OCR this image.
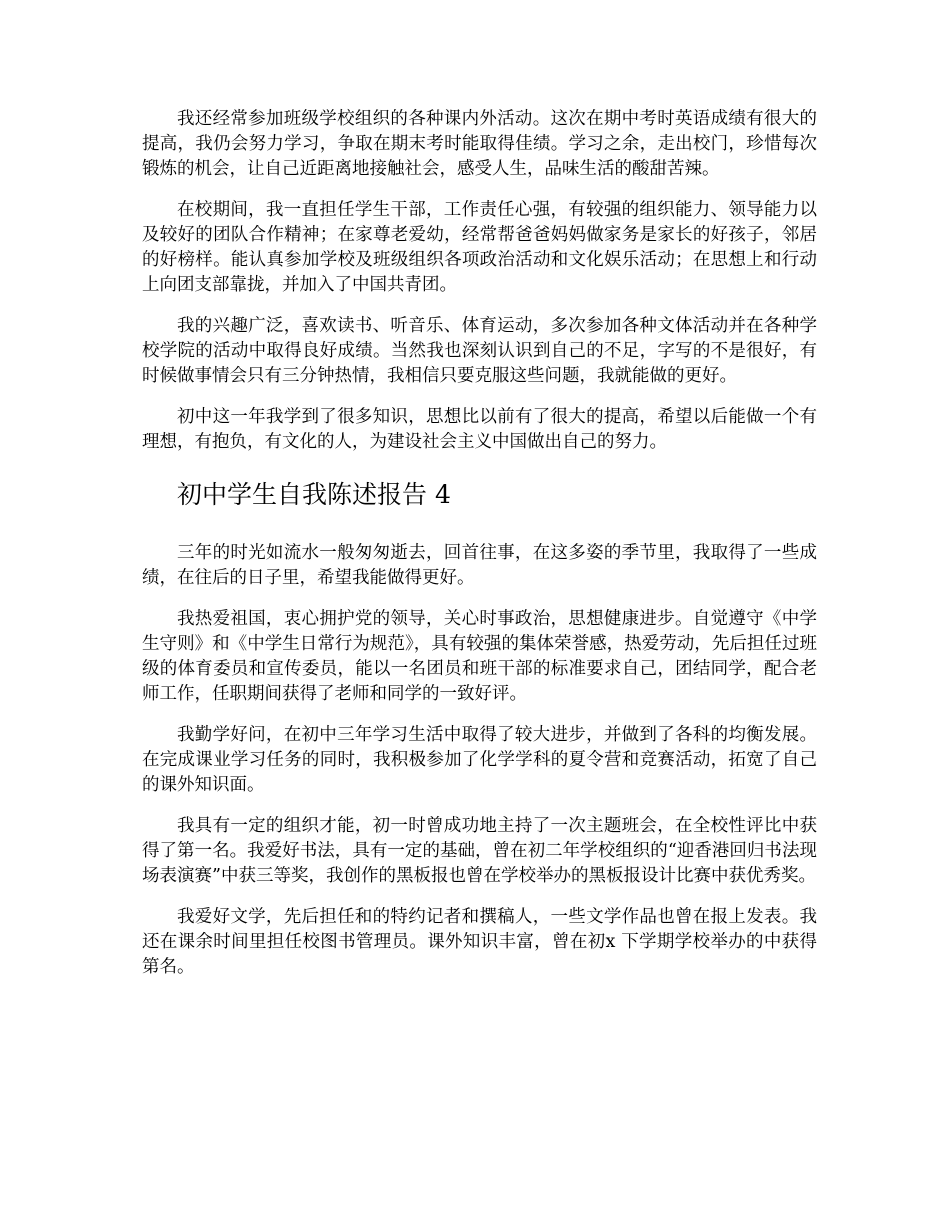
我还经常参加班级学校组织的各种课内外活动。这次在期中考时英语成绩有很大的提高，我仍会努力学习，争取在期末考时能取得佳绩。学习之余，走出校门，珍惜每次锻炼的机会，让自己近距离地接触社会，感受人生，品味生活的酸甜苦辣。

在校期间，我一直担任学生干部，工作责任心强，有较强的组织能力、领导能力以及较好的团队合作精神；在家尊老爱幼，经常帮爸爸妈妈做家务是家长的好孩子，邻居的好榜样。能认真参加学校及班级组织各项政治活动和文化娱乐活动；在思想上和行动上向团支部靠拢，并加入了中国共青团。

我的兴趣广泛，喜欢读书、听音乐、体育运动，多次参加各种文体活动并在各种学校学院的活动中取得良好成绩。当然我也深刻认识到自己的不足，字写的不是很好，有时候做事情会只有三分钟热情，我相信只要克服这些问题，我就能做的更好。

初中这一年我学到了很多知识，思想比以前有了很大的提高，希望以后能做一个有理想，有抱负，有文化的人，为建设社会主义中国做出自己的努力。

初中学生自我陈述报告 4

三年的时光如流水一般匆匆逝去，回首往事，在这多姿的季节里，我取得了一些成绩，在往后的日子里，希望我能做得更好。

我热爱祖国，衷心拥护党的领导，关心时事政治，思想健康进步。自觉遵守《中学生守则》和《中学生日常行为规范》，具有较强的集体荣誉感，热爱劳动，先后担任过班级的体育委员和宣传委员，能以一名团员和班干部的标准要求自己，团结同学，配合老师工作，任职期间获得了老师和同学的一致好评。

我勤学好问，在初中三年学习生活中取得了较大进步，并做到了各科的均衡发展。在完成课业学习任务的同时，我积极参加了化学学科的夏令营和竞赛活动，拓宽了自己的课外知识面。

我具有一定的组织才能，初一时曾成功地主持了一次主题班会，在全校性评比中获得了第一名。我爱好书法，具有一定的基础，曾在初二年学校组织的“迎香港回归书法现场表演赛”中获三等奖，我创作的黑板报也曾在学校举办的黑板报设计比赛中获优秀奖。

我爱好文学，先后担任和的特约记者和撰稿人，一些文学作品也曾在报上发表。我还在课余时间里担任校图书管理员。课外知识丰富，曾在初x 下学期学校举办的中获得第名。
